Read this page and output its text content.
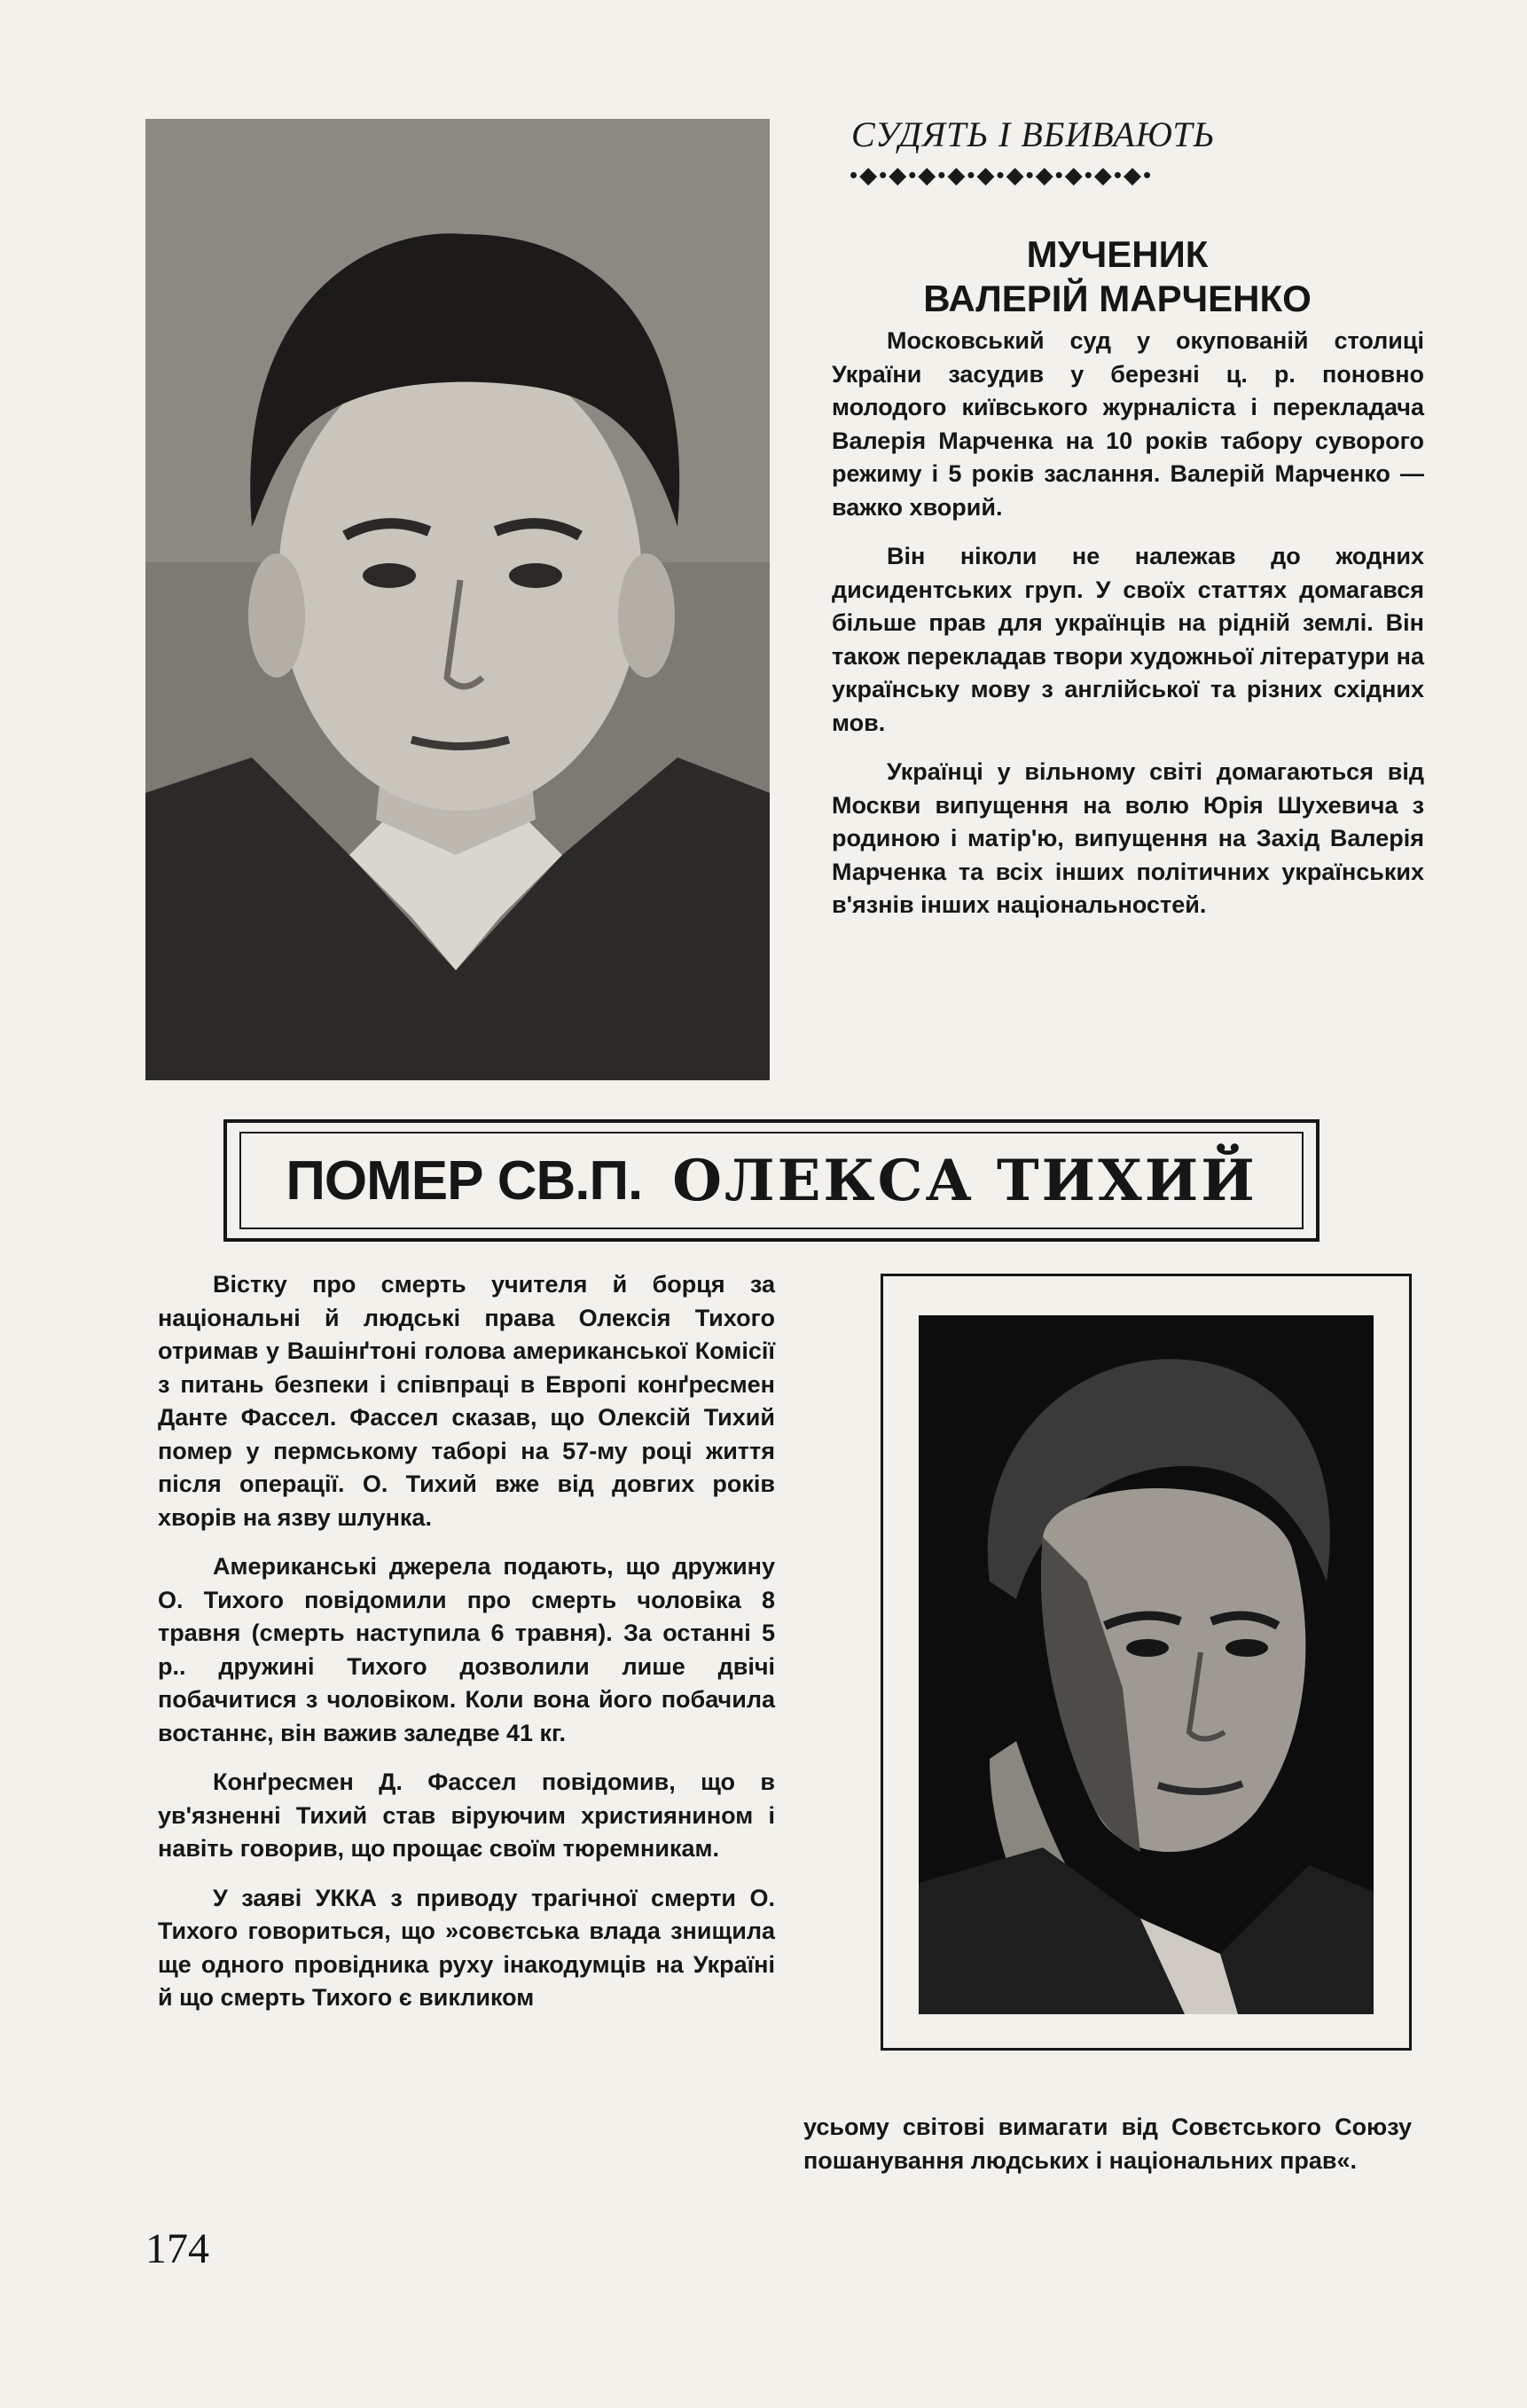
СУДЯТЬ І ВБИВАЮТЬ
•◆•◆•◆•◆•◆•◆•◆•◆•◆•◆•
МУЧЕНИК
ВАЛЕРІЙ МАРЧЕНКО

Московський суд у окупованій столиці України засудив у березні ц. р. поновно молодого київського журналіста і перекладача Валерія Марченка на 10 років табору суворого режиму і 5 років заслання. Валерій Марченко — важко хворий.

Він ніколи не належав до жодних дисидентських груп. У своїх статтях домагався більше прав для українців на рідній землі. Він також перекладав твори художньої літератури на українську мову з англійської та різних східних мов.

Українці у вільному світі домагаються від Москви випущення на волю Юрія Шухевича з родиною і матір'ю, випущення на Захід Валерія Марченка та всіх інших політичних українських в'язнів інших національностей.

ПОМЕР СВ.П. ОЛЕКСА ТИХИЙ

Вістку про смерть учителя й борця за національні й людські права Олексія Тихого отримав у Вашінґтоні голова американської Комісії з питань безпеки і співпраці в Европі конґресмен Данте Фассел. Фассел сказав, що Олексій Тихий помер у пермському таборі на 57-му році життя після операції. О. Тихий вже від довгих років хворів на язву шлунка.

Американські джерела подають, що дружину О. Тихого повідомили про смерть чоловіка 8 травня (смерть наступила 6 травня). За останні 5 р.. дружині Тихого дозволили лише двічі побачитися з чоловіком. Коли вона його побачила востаннє, він важив заледве 41 кг.

Конґресмен Д. Фассел повідомив, що в ув'язненні Тихий став віруючим християнином і навіть говорив, що прощає своїм тюремникам.

У заяві УККА з приводу трагічної смерти О. Тихого говориться, що »совєтська влада знищила ще одного провідника руху інакодумців на Україні й що смерть Тихого є викликом

усьому світові вимагати від Совєтського Союзу пошанування людських і національних прав«.

174
